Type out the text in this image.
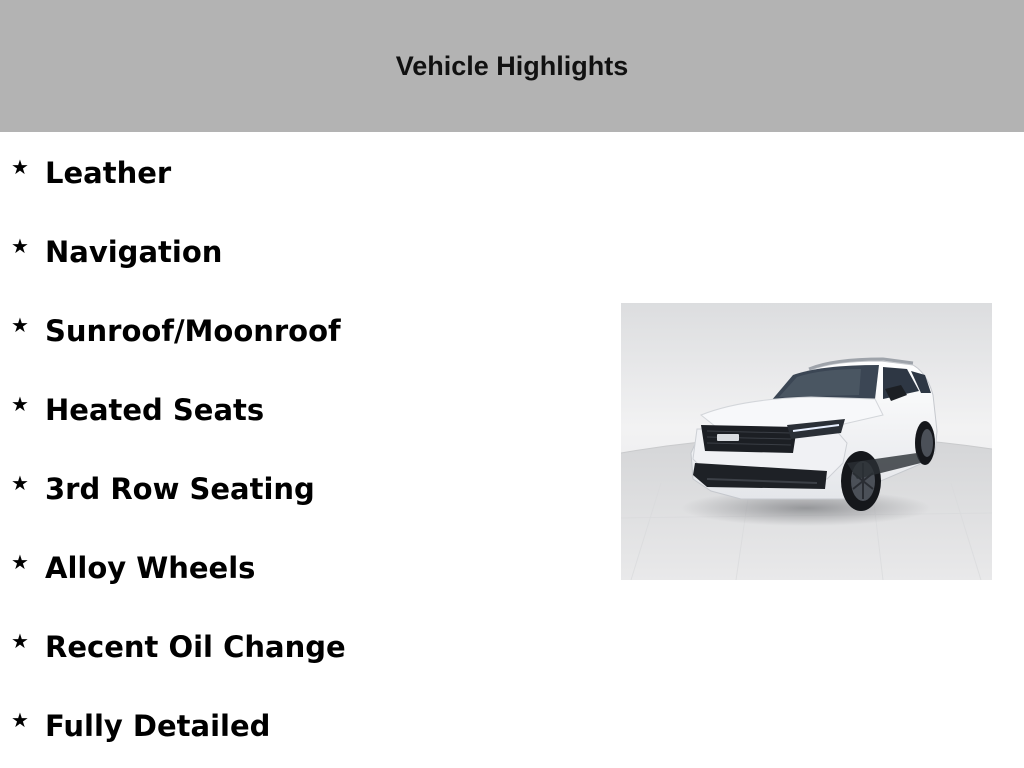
Vehicle Highlights
★ Leather
★ Navigation
★ Sunroof/Moonroof
★ Heated Seats
★ 3rd Row Seating
★ Alloy Wheels
★ Recent Oil Change
★ Fully Detailed
